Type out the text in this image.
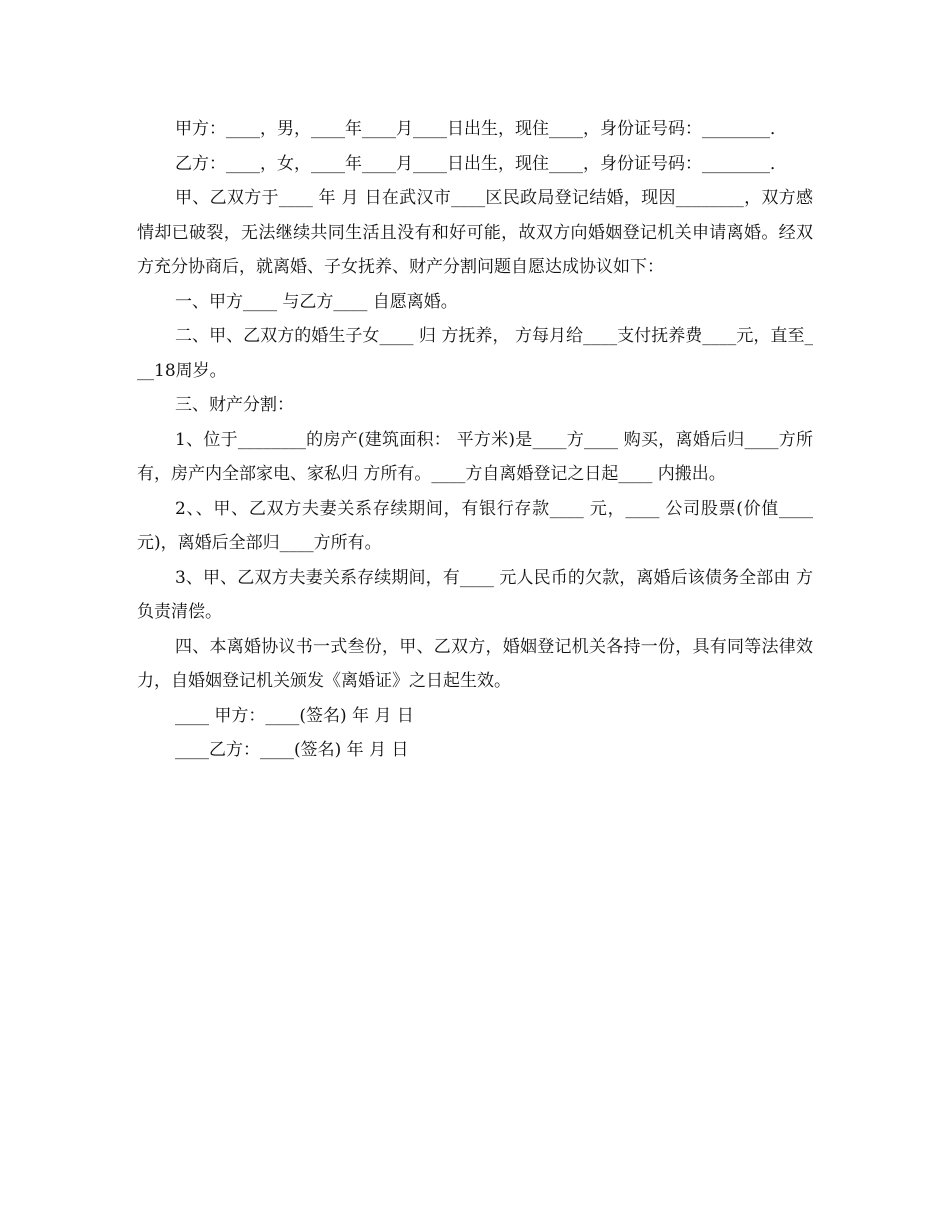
甲方：____，男，____年____月____日出生，现住____，身份证号码：________．

乙方：____，女，____年____月____日出生，现住____，身份证号码：________．

甲、乙双方于____ 年 月 日在武汉市____区民政局登记结婚，现因________，双方感情却已破裂，无法继续共同生活且没有和好可能，故双方向婚姻登记机关申请离婚。经双方充分协商后，就离婚、子女抚养、财产分割问题自愿达成协议如下：

一、甲方____ 与乙方____ 自愿离婚。

二、甲、乙双方的婚生子女____ 归 方抚养， 方每月给____支付抚养费____元，直至___18周岁。

三、财产分割：

1、位于________的房产(建筑面积： 平方米)是____方____ 购买，离婚后归____方所有，房产内全部家电、家私归 方所有。____方自离婚登记之日起____ 内搬出。

2、、甲、乙双方夫妻关系存续期间，有银行存款____ 元，____ 公司股票(价值____ 元)，离婚后全部归____方所有。

3、甲、乙双方夫妻关系存续期间，有____ 元人民币的欠款，离婚后该债务全部由 方负责清偿。

四、本离婚协议书一式叁份，甲、乙双方，婚姻登记机关各持一份，具有同等法律效力，自婚姻登记机关颁发《离婚证》之日起生效。

____ 甲方：____(签名) 年 月 日

____乙方：____(签名) 年 月 日
